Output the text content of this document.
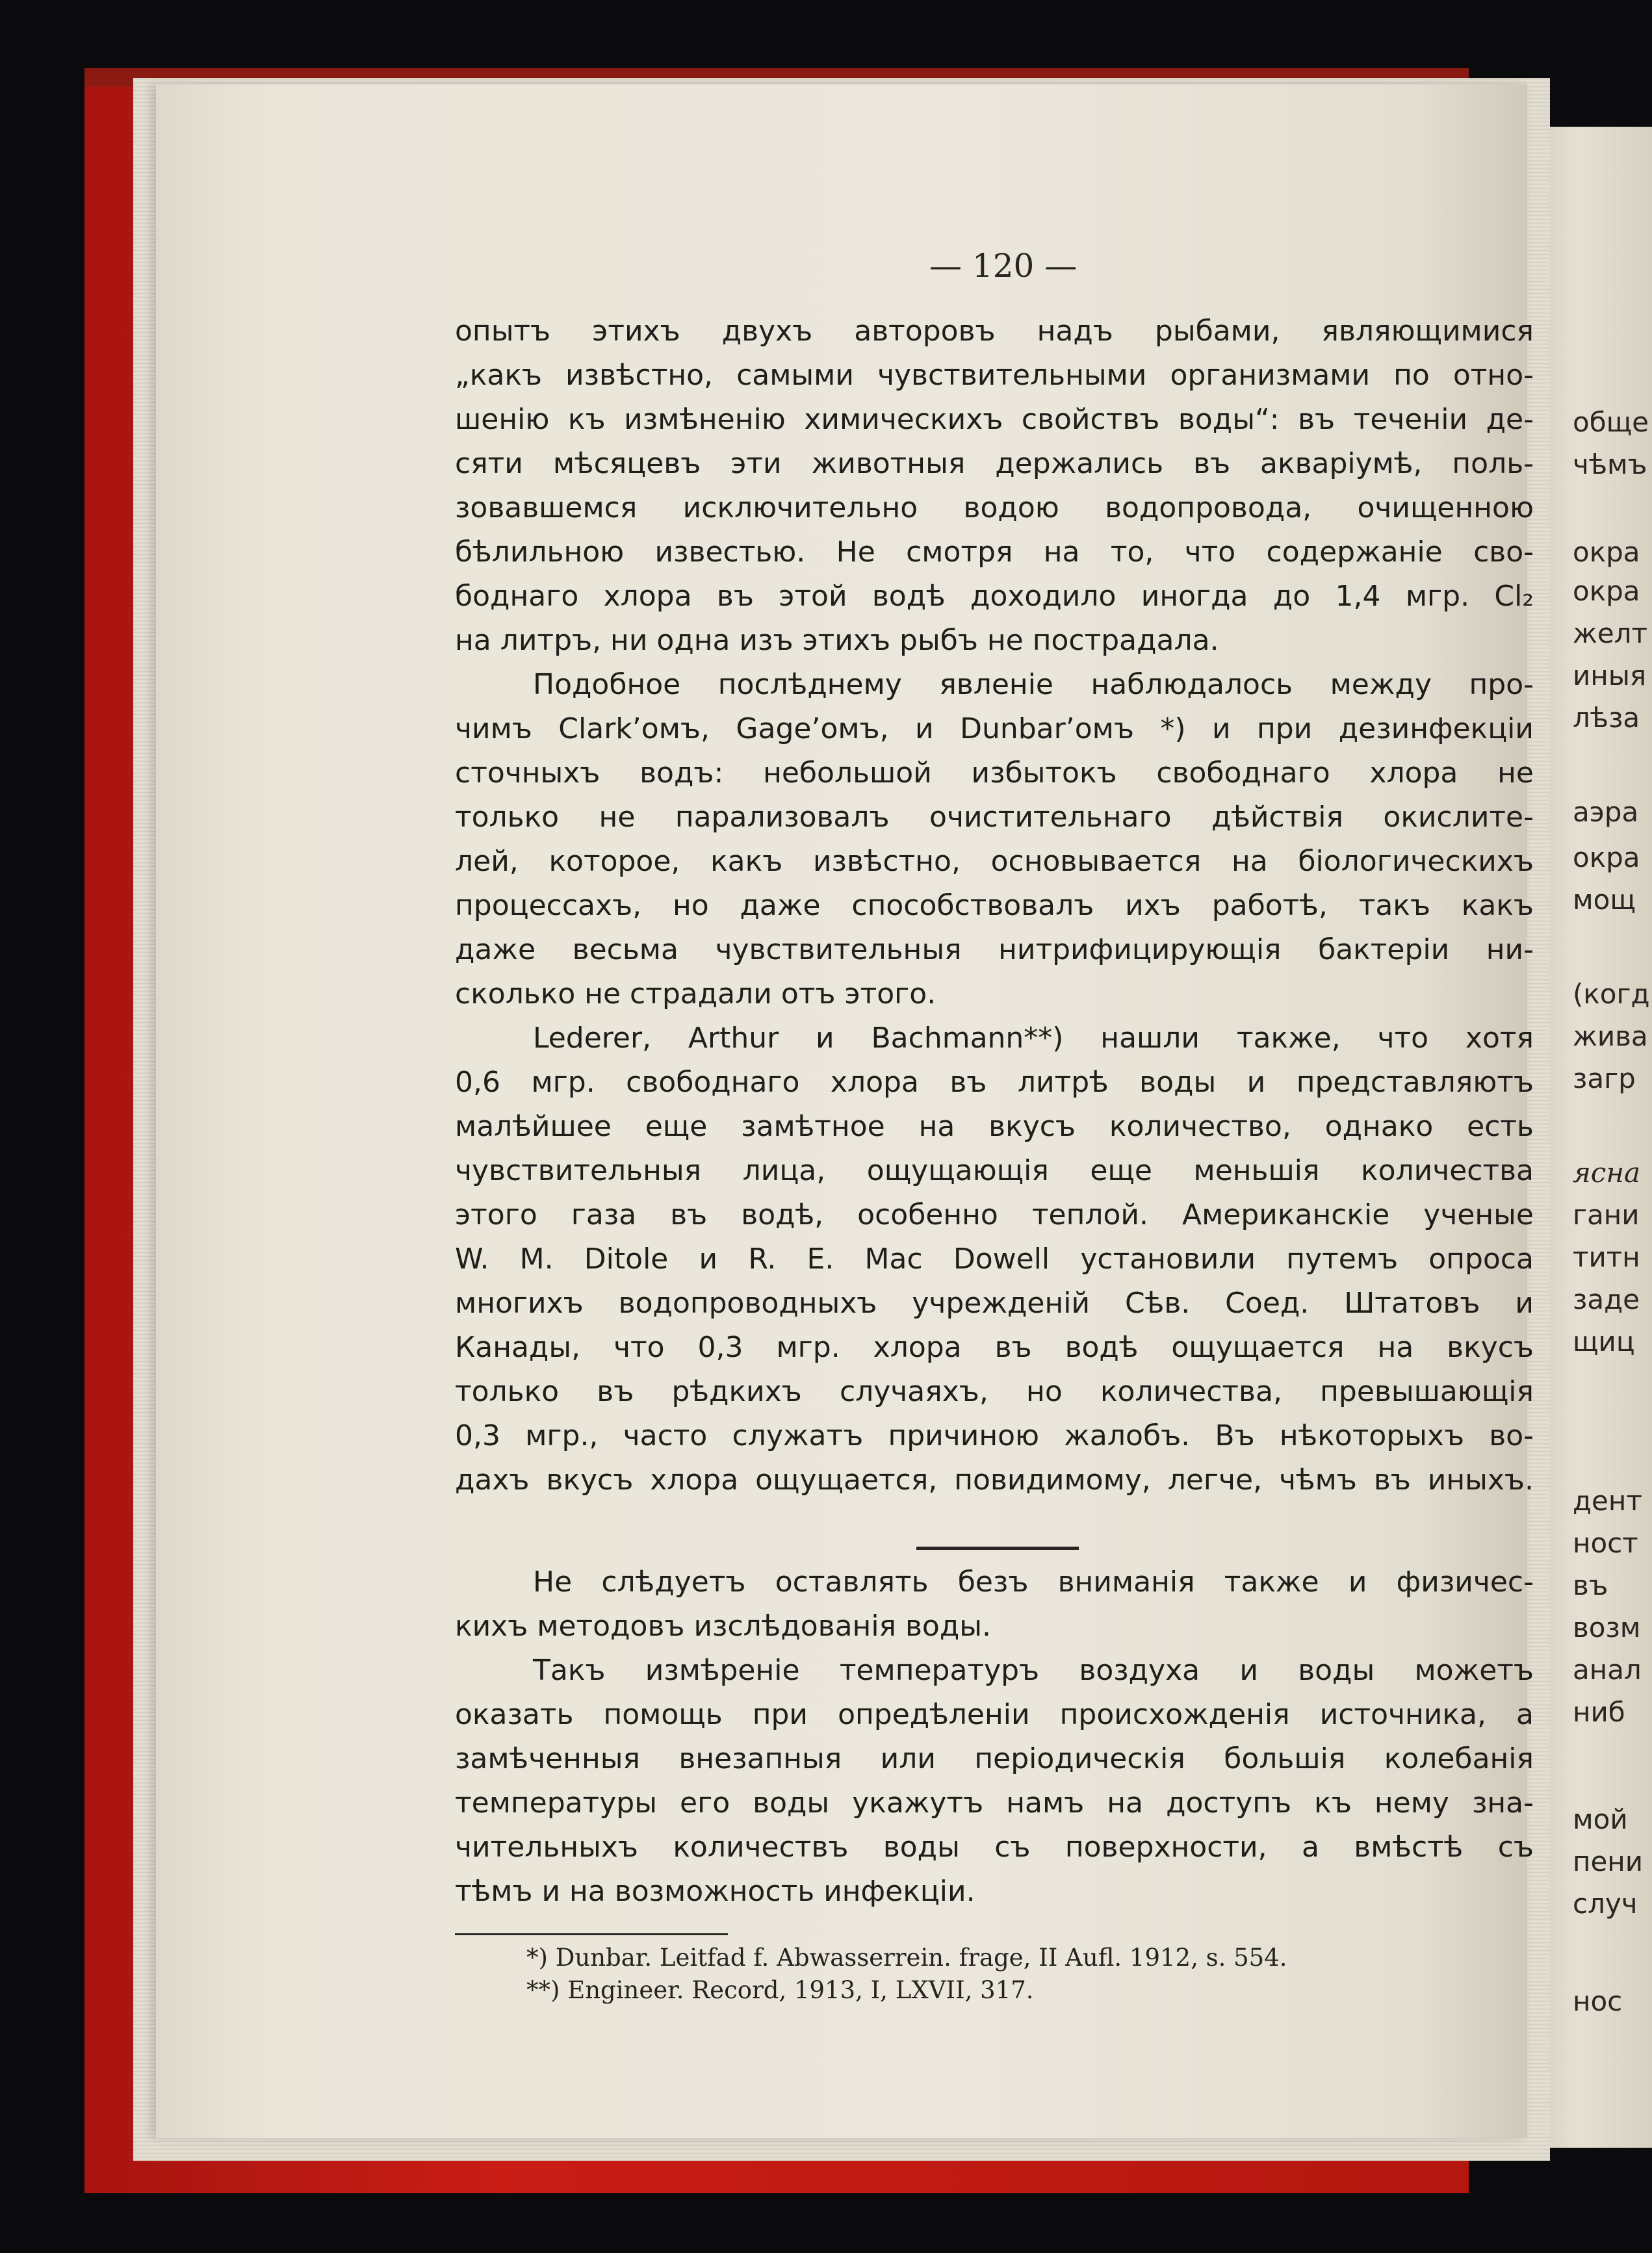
обще
чѣмъ
окра
окра
желт
иныя
лѣза
аэра
окра
мощ
(когд
жива
загр
ясна
гани
титн
заде
щиц
дент
ност
въ
возм
анал
ниб
мой
пени
случ
нос
— 120 —
опытъ этихъ двухъ авторовъ надъ рыбами, являющимися
„какъ извѣстно, самыми чувствительными организмами по отно-
шенію къ измѣненію химическихъ свойствъ воды“: въ теченіи де-
сяти мѣсяцевъ эти животныя держались въ акваріумѣ, поль-
зовавшемся исключительно водою водопровода, очищенною
бѣлильною известью. Не смотря на то, что содержаніе сво-
боднаго хлора въ этой водѣ доходило иногда до 1,4 мгр. Cl₂
на литръ, ни одна изъ этихъ рыбъ не пострадала.
Подобное послѣднему явленіе наблюдалось между про-
чимъ Clark’омъ, Gage’омъ, и Dunbar’омъ *) и при дезинфекціи
сточныхъ водъ: небольшой избытокъ свободнаго хлора не
только не парализовалъ очистительнаго дѣйствія окислите-
лей, которое, какъ извѣстно, основывается на біологическихъ
процессахъ, но даже способствовалъ ихъ работѣ, такъ какъ
даже весьма чувствительныя нитрифицирующія бактеріи ни-
сколько не страдали отъ этого.
Lederer, Arthur и Bachmann**) нашли также, что хотя
0,6 мгр. свободнаго хлора въ литрѣ воды и представляютъ
малѣйшее еще замѣтное на вкусъ количество, однако есть
чувствительныя лица, ощущающія еще меньшія количества
этого газа въ водѣ, особенно теплой. Американскіе ученые
W. M. Ditole и R. E. Mac Dowell установили путемъ опроса
многихъ водопроводныхъ учрежденій Сѣв. Соед. Штатовъ и
Канады, что 0,3 мгр. хлора въ водѣ ощущается на вкусъ
только въ рѣдкихъ случаяхъ, но количества, превышающія
0,3 мгр., часто служатъ причиною жалобъ. Въ нѣкоторыхъ во-
дахъ вкусъ хлора ощущается, повидимому, легче, чѣмъ въ иныхъ.
Не слѣдуетъ оставлять безъ вниманія также и физичес-
кихъ методовъ изслѣдованія воды.
Такъ измѣреніе температуръ воздуха и воды можетъ
оказать помощь при опредѣленіи происхожденія источника, а
замѣченныя внезапныя или періодическія большія колебанія
температуры его воды укажутъ намъ на доступъ къ нему зна-
чительныхъ количествъ воды съ поверхности, а вмѣстѣ съ
тѣмъ и на возможность инфекціи.
*) Dunbar. Leitfad f. Abwasserrein. frage, II Aufl. 1912, s. 554.
**) Engineer. Record, 1913, I, LXVII, 317.
